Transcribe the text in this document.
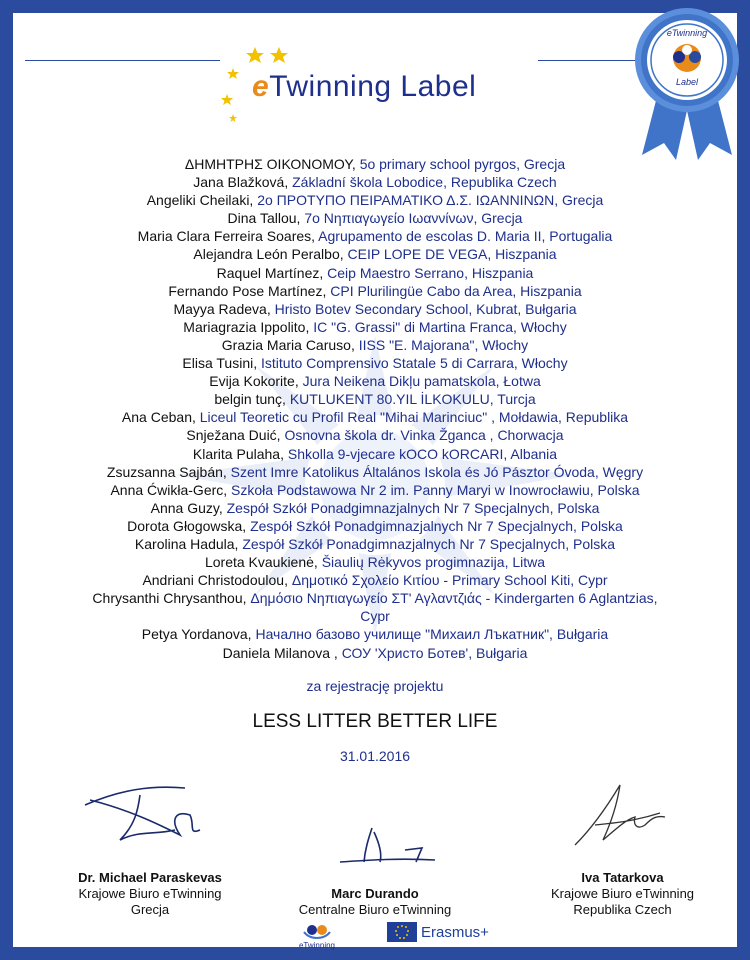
eTwinning Label
eTwinning
Label
ΔΗΜΗΤΡΗΣ ΟΙΚΟΝΟΜΟΥ, 5o primary school pyrgos, Grecja
Jana Blažková, Základní škola Lobodice, Republika Czech
Angeliki Cheilaki, 2ο ΠΡΟΤΥΠΟ ΠΕΙΡΑΜΑΤΙΚΟ Δ.Σ. ΙΩΑΝΝΙΝΩΝ, Grecja
Dina Tallou, 7ο Νηπιαγωγείο Ιωαννίνων, Grecja
Maria Clara Ferreira Soares, Agrupamento de escolas D. Maria II, Portugalia
Alejandra León Peralbo, CEIP LOPE DE VEGA, Hiszpania
Raquel Martínez, Ceip Maestro Serrano, Hiszpania
Fernando Pose Martínez, CPI Plurilingüe Cabo da Area, Hiszpania
Mayya Radeva, Hristo Botev Secondary School, Kubrat, Bułgaria
Mariagrazia Ippolito, IC "G. Grassi" di Martina Franca, Włochy
Grazia Maria Caruso, IISS "E. Majorana", Włochy
Elisa Tusini, Istituto Comprensivo Statale 5 di Carrara, Włochy
Evija Kokorite, Jura Neikena Dikļu pamatskola, Łotwa
belgin tunç, KUTLUKENT 80.YIL İLKOKULU, Turcja
Ana Ceban, Liceul Teoretic cu Profil Real "Mihai Marinciuc" , Mołdawia, Republika
Snježana Duić, Osnovna škola dr. Vinka Žganca , Chorwacja
Klarita Pulaha, Shkolla 9-vjecare kOCO kORCARI, Albania
Zsuzsanna Sajbán, Szent Imre Katolikus Általános Iskola és Jó Pásztor Óvoda, Węgry
Anna Ćwikła-Gerc, Szkoła Podstawowa Nr 2 im. Panny Maryi w Inowrocławiu, Polska
Anna Guzy, Zespół Szkół Ponadgimnazjalnych Nr 7 Specjalnych, Polska
Dorota Głogowska, Zespół Szkół Ponadgimnazjalnych Nr 7 Specjalnych, Polska
Karolina Hadula, Zespół Szkół Ponadgimnazjalnych Nr 7 Specjalnych, Polska
Loreta Kvaukienė, Šiaulių Rėkyvos progimnazija, Litwa
Andriani Christodoulou, Δημοτικό Σχολείο Κιτίου - Primary School Kiti, Cypr
Chrysanthi Chrysanthou, Δημόσιο Νηπιαγωγείο ΣΤ' Αγλαντζιάς - Kindergarten 6 Aglantzias,
Cypr
Petya Yordanova, Начално базово училище "Михаил Лъкатник", Bułgaria
Daniela Milanova , СОУ 'Христо Ботев', Bułgaria
za rejestrację projektu
LESS LITTER BETTER LIFE
31.01.2016
Dr. Michael Paraskevas
Krajowe Biuro eTwinning
Grecja
Marc Durando
Centralne Biuro eTwinning
Iva Tatarkova
Krajowe Biuro eTwinning
Republika Czech
eTwinning
Erasmus+
